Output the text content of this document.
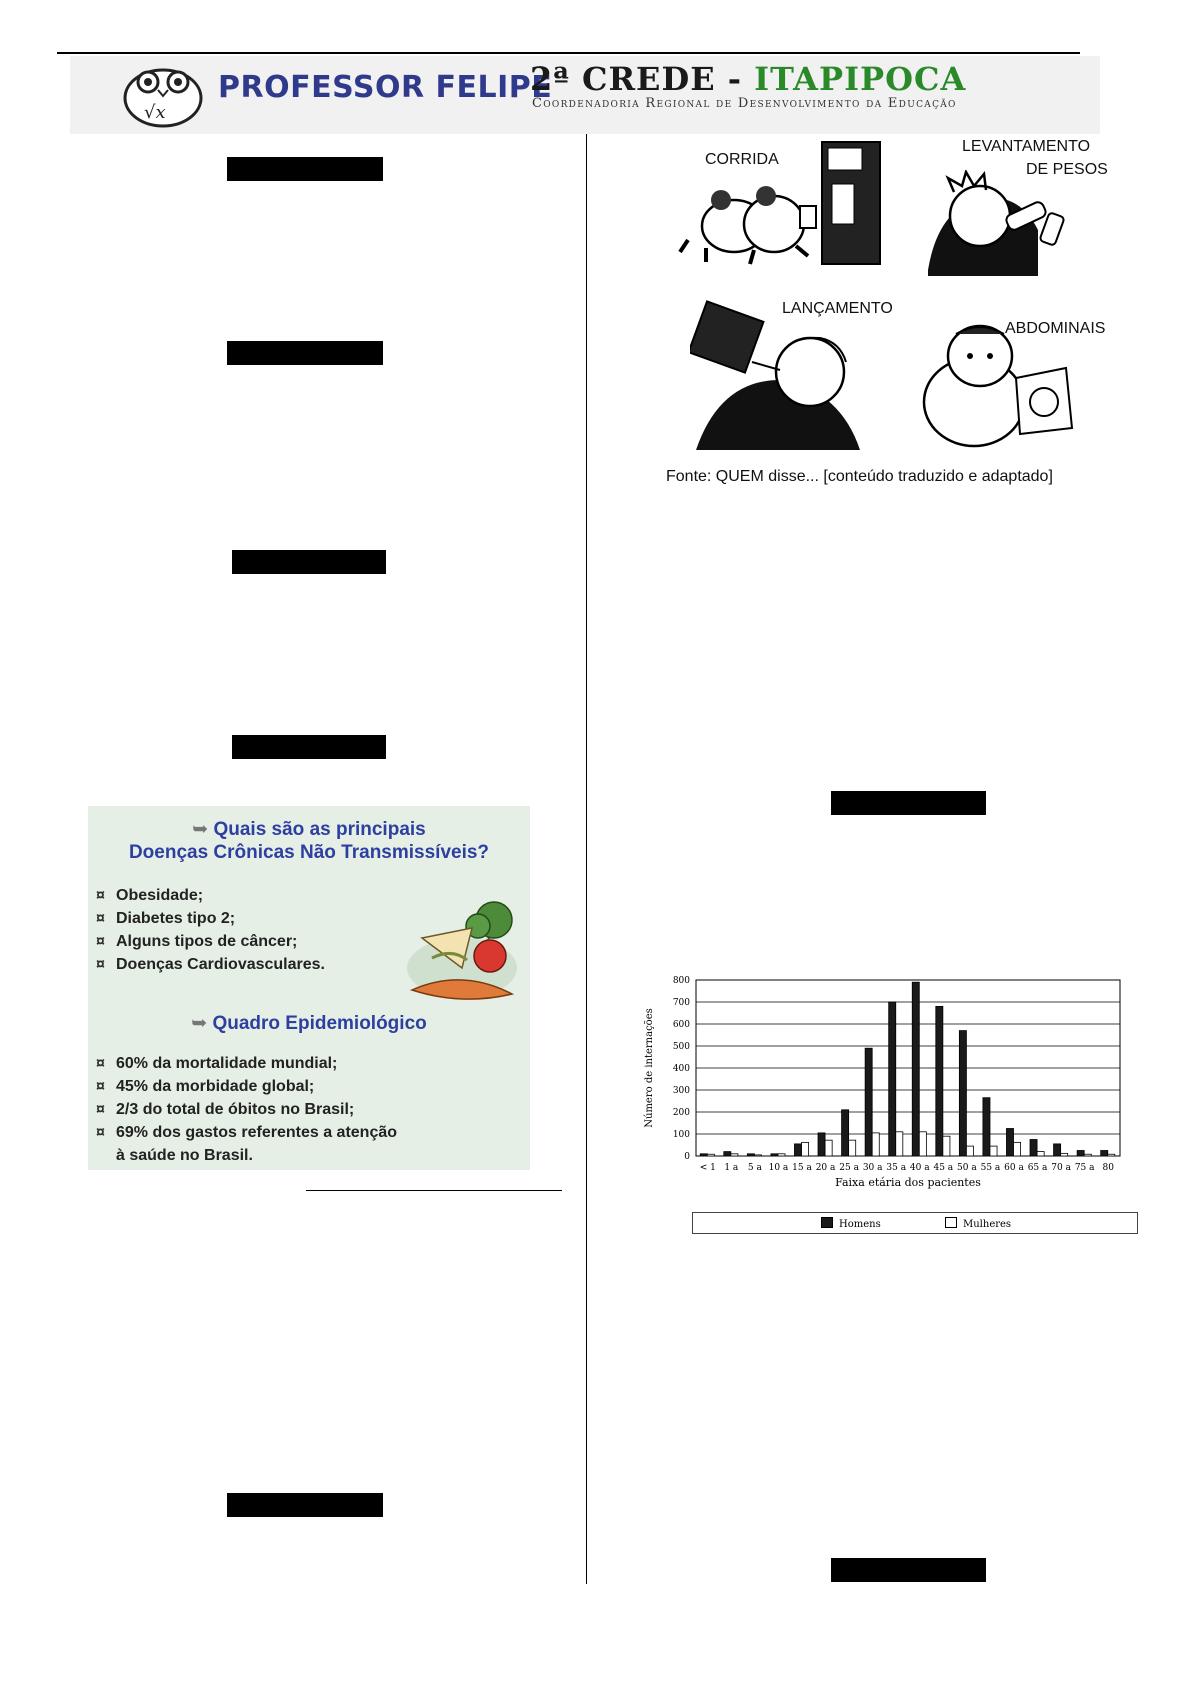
√x
PROFESSOR FELIPE
2ª CREDE - ITAPIPOCA
Coordenadoria Regional de Desenvolvimento da Educação
➥ Quais são as principais
Doenças Crônicas Não Transmissíveis?
¤ Obesidade;
¤ Diabetes tipo 2;
¤ Alguns tipos de câncer;
¤ Doenças Cardiovasculares.
➥ Quadro Epidemiológico
¤ 60% da mortalidade mundial;
¤ 45% da morbidade global;
¤ 2/3 do total de óbitos no Brasil;
¤ 69% dos gastos referentes a atenção
à saúde no Brasil.
CORRIDA
LEVANTAMENTO
DE PESOS
LANÇAMENTO
ABDOMINAIS
Fonte: QUEM disse... [conteúdo traduzido e adaptado]
0
100
200
300
400
500
600
700
800
< 1 1 a 5 a 10 a 15 a 20 a 25 a 30 a 35 a 40 a 45 a 50 a 55 a 60 a 65 a 70 a 75 a 80
Faixa etária dos pacientes
Número de internações
Homens	Mulheres
